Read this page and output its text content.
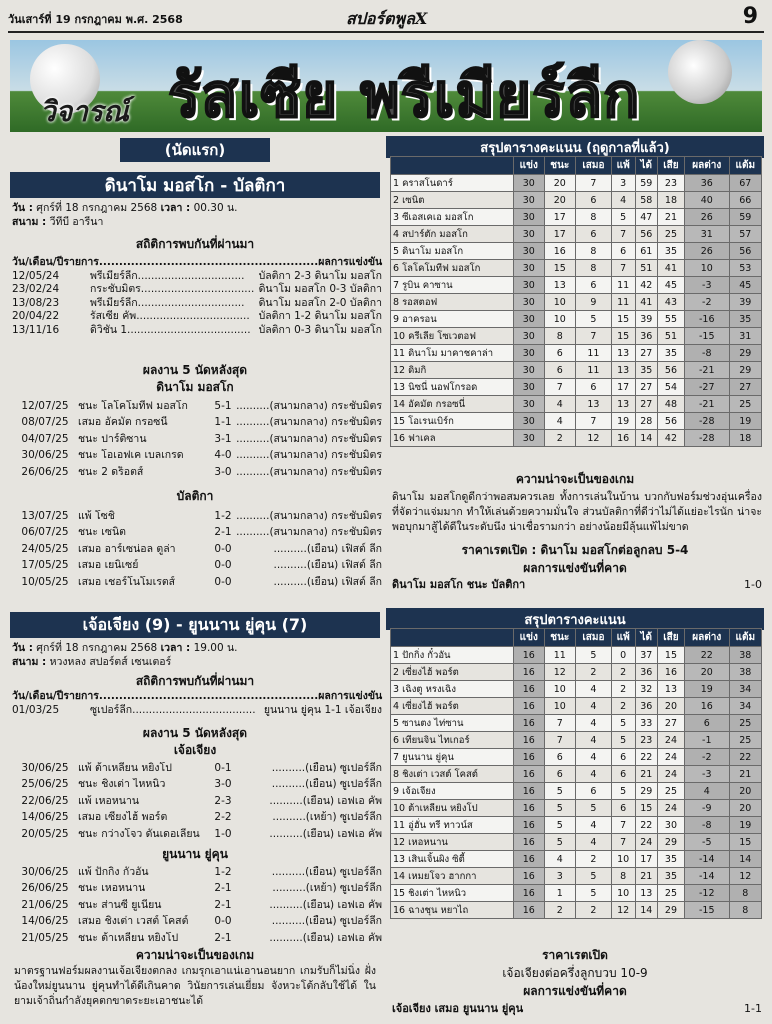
วันเสาร์ที่ 19 กรกฎาคม พ.ศ. 2568	สปอร์ตพูลX	9
วิจารณ์ รัสเซีย พรีเมียร์ลีก
(นัดแรก)
ดินาโม มอสโก - บัลติกา
วัน :
ศุกร์ที่ 18 กรกฎาคม 2568
เวลา :
00.30 น.
สนาม :
วีทีบี อารีนา
สถิติการพบกันที่ผ่านมา
วัน/เดือน/ปี รายการ....................................................... ผลการแข่งขัน
12/05/24	พรีเมียร์ลีก................................	บัลติกา 2-3 ดินาโม มอสโก
23/02/24	กระชับมิตร.................................. ดินาโม มอสโก 0-3 บัลติกา
13/08/23	พรีเมียร์ลีก................................	ดินาโม มอสโก 2-0 บัลติกา
20/04/22	รัสเซีย คัพ.................................. บัลติกา 1-2 ดินาโม มอสโก
13/11/16	ดิวิชั่น 1..................................... บัลติกา 0-3 ดินาโม มอสโก
ผลงาน 5 นัดหลังสุด
ดินาโม มอสโก
12/07/25 ชนะ โลโคโมทีฟ มอสโก	5-1 ..........(สนามกลาง) กระชับมิตร
08/07/25 เสมอ อัคมัต กรอซนี่	1-1 ..........(สนามกลาง) กระชับมิตร
04/07/25 ชนะ ปาร์ติซาน	3-1 ..........(สนามกลาง) กระชับมิตร
30/06/25 ชนะ โอเอฟเค เบลเกรด	4-0 ..........(สนามกลาง) กระชับมิตร
26/06/25 ชนะ 2 ดร็อตส์	3-0 ..........(สนามกลาง) กระชับมิตร
บัลติกา
13/07/25 แพ้ โซชิ	1-2 ..........(สนามกลาง) กระชับมิตร
06/07/25 ชนะ เซนิต	2-1 ..........(สนามกลาง) กระชับมิตร
24/05/25 เสมอ อาร์เซน่อล ตูล่า	0-0	..........(เยือน) เฟิสต์ ลีก
17/05/25 เสมอ เยนิเซย์	0-0	..........(เยือน) เฟิสต์ ลีก
10/05/25 เสมอ เชอร์โนโมเรตส์	0-0	..........(เยือน) เฟิสต์ ลีก
เจ้อเจียง (9) - ยูนนาน ยู่คุน (7)
วัน :
ศุกร์ที่ 18 กรกฎาคม 2568
เวลา :
19.00 น.
สนาม :
หวงหลง สปอร์ตส์ เซนเตอร์
สถิติการพบกันที่ผ่านมา
วัน/เดือน/ปี รายการ....................................................... ผลการแข่งขัน
01/03/25	ซูเปอร์ลีก..................................... ยูนนาน ยู่คุน 1-1 เจ้อเจียง
ผลงาน 5 นัดหลังสุด
เจ้อเจียง
30/06/25 แพ้ ต้าเหลียน หยิงโป	0-1	..........(เยือน) ซูเปอร์ลีก
25/06/25 ชนะ ชิงเต่า ไหหนิว	3-0	..........(เยือน) ซูเปอร์ลีก
22/06/25 แพ้ เหอหนาน	2-3	..........(เยือน) เอฟเอ คัพ
14/06/25 เสมอ เซี่ยงไฮ้ พอร์ต	2-2	..........(เหย้า) ซูเปอร์ลีก
20/05/25 ชนะ กว่างโจว ดันเดอเลียน	1-0	..........(เยือน) เอฟเอ คัพ
ยูนนาน ยู่คุน
30/06/25 แพ้ ปักกิ่ง กั๋วอัน	1-2	..........(เยือน) ซูเปอร์ลีก
26/06/25 ชนะ เหอหนาน	2-1	..........(เหย้า) ซูเปอร์ลีก
21/06/25 ชนะ ส่านซี ยูเนี่ยน	2-1	..........(เยือน) เอฟเอ คัพ
14/06/25 เสมอ ชิงเต่า เวสต์ โคสต์	0-0	..........(เยือน) ซูเปอร์ลีก
21/05/25 ชนะ ต้าเหลียน หยิงโป	2-1	..........(เยือน) เอฟเอ คัพ
ความน่าจะเป็นของเกม
มาตรฐานฟอร์มผลงานเจ้อเจียงตกลง เกมรุกเอาแน่เอานอนยาก เกมรับก็ไม่นิ่ง ฝั่งน้องใหม่ยูนนาน ยู่คุนทำได้ดีเกินคาด วินัยการเล่นเยี่ยม จังหวะโต้กลับใช้ได้ ในยามเจ้าถิ่นกำลังยุคตกขาดระยะเอาชนะได้
สรุปตารางคะแนน (ฤดูกาลที่แล้ว)
	แข่ง	ชนะ	เสมอ	แพ้	ได้	เสีย	ผลต่าง	แต้ม
1 คราสโนดาร์	30	20	7	3	59	23	36	67
2 เซนิต	30	20	6	4	58	18	40	66
3 ซีเอสเคเอ มอสโก	30	17	8	5	47	21	26	59
4 สปาร์ตัก มอสโก	30	17	6	7	56	25	31	57
5 ดินาโม มอสโก	30	16	8	6	61	35	26	56
6 โลโคโมทีฟ มอสโก	30	15	8	7	51	41	10	53
7 รูบิน คาซาน	30	13	6	11	42	45	-3	45
8 รอสตอฟ	30	10	9	11	41	43	-2	39
9 อาครอน	30	10	5	15	39	55	-16	35
10 ครีเลีย โซเวตอฟ	30	8	7	15	36	51	-15	31
11 ดินาโม มาคาชคาล่า	30	6	11	13	27	35	-8	29
12 ดิมกิ	30	6	11	13	35	56	-21	29
13 นิซนี่ นอฟโกรอด	30	7	6	17	27	54	-27	27
14 อัคมัต กรอซนี่	30	4	13	13	27	48	-21	25
15 โอเรนเบิร์ก	30	4	7	19	28	56	-28	19
16 ฟาเคล	30	2	12	16	14	42	-28	18
ความน่าจะเป็นของเกม
ดินาโม มอสโกดูดีกว่าพอสมควรเลย ทั้งการเล่นในบ้าน บวกกับฟอร์มช่วงอุ่นเครื่องที่จัดว่าแจ่มมาก ทำให้เล่นด้วยความมั่นใจ ส่วนบัลติกาที่ดีว่าไม่ได้แย่อะไรนัก น่าจะพอบุกมาสู้ได้ดีในระดับนึง น่าเชื่อรามกว่า อย่างน้อยมีลุ้นแพ้ไม่ขาด
ราคาเรตเปิด : ดินาโม มอสโกต่อลูกลบ 5-4
ผลการแข่งขันที่คาด
ดินาโม มอสโก ชนะ บัลติกา	1-0
สรุปตารางคะแนน
	แข่ง	ชนะ	เสมอ	แพ้	ได้	เสีย	ผลต่าง	แต้ม
1 ปักกิ่ง กั๋วอัน	16	11	5	0	37	15	22	38
2 เซี่ยงไฮ้ พอร์ต	16	12	2	2	36	16	20	38
3 เฉิงตู หรงเฉิง	16	10	4	2	32	13	19	34
4 เซี่ยงไฮ้ พอร์ต	16	10	4	2	36	20	16	34
5 ซานตง ไท่ซาน	16	7	4	5	33	27	6	25
6 เทียนจิน ไทเกอร์	16	7	4	5	23	24	-1	25
7 ยูนนาน ยู่คุน	16	6	4	6	22	24	-2	22
8 ชิงเต่า เวสต์ โคสต์	16	6	4	6	21	24	-3	21
9 เจ้อเจียง	16	5	6	5	29	25	4	20
10 ต้าเหลียน หยิงโป	16	5	5	6	15	24	-9	20
11 อู่ฮั่น ทรี ทาวน์ส	16	5	4	7	22	30	-8	19
12 เหอหนาน	16	5	4	7	24	29	-5	15
13 เสินเจิ้นผิง ซิตี้	16	4	2	10	17	35	-14	14
14 เหมยโจว ฮากกา	16	3	5	8	21	35	-14	12
15 ชิงเต่า ไหหนิว	16	1	5	10	13	25	-12	8
16 ฉางชุน หยาไถ	16	2	2	12	14	29	-15	8
ราคาเรตเปิด
เจ้อเจียงต่อครึ่งลูกบวบ 10-9
ผลการแข่งขันที่คาด
เจ้อเจียง เสมอ ยูนนาน ยู่คุน	1-1
